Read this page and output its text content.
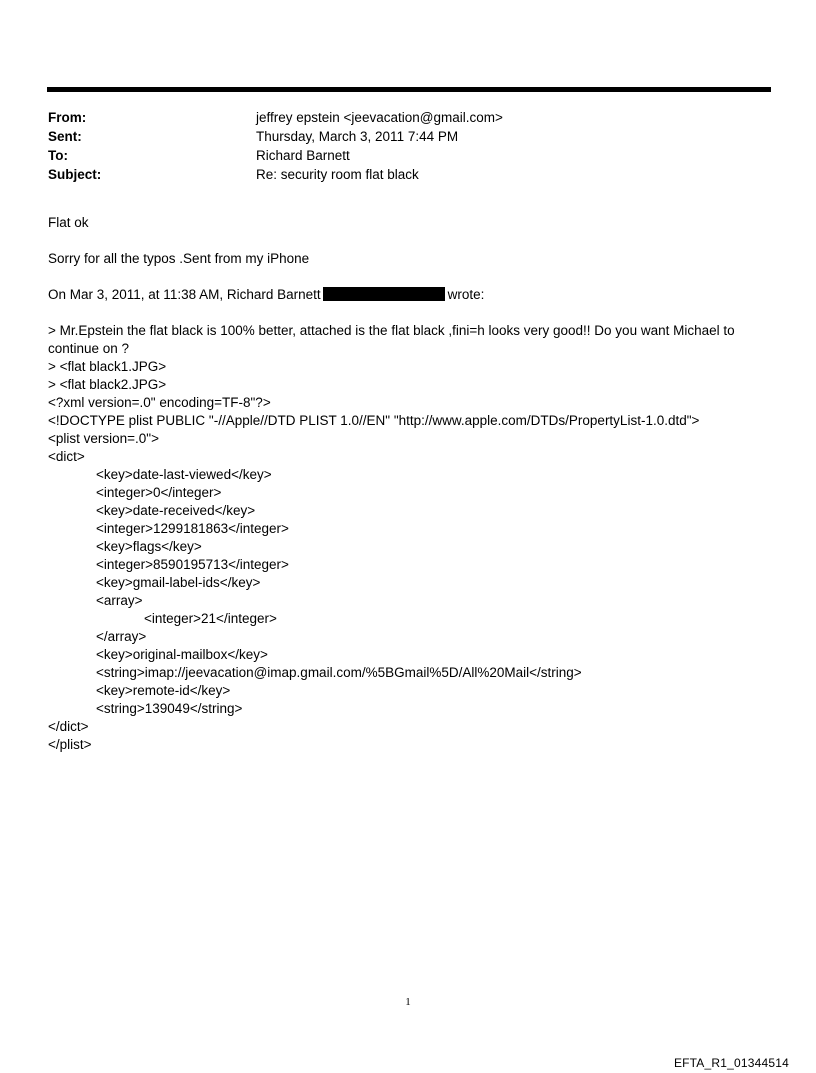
From:	jeffrey epstein <jeevacation@gmail.com>
Sent:	Thursday, March 3, 2011 7:44 PM
To:	Richard Barnett
Subject:	Re: security room flat black
Flat ok
Sorry for all the typos .Sent from my iPhone
On Mar 3, 2011, at 11:38 AM, Richard Barnett	wrote:
> Mr.Epstein the flat black is 100% better, attached is the flat black ,fini=h looks very good!! Do you want Michael to continue on ?
> <flat black1.JPG>
> <flat black2.JPG>
<?xml version=.0" encoding=TF-8"?>
<!DOCTYPE plist PUBLIC "-//Apple//DTD PLIST 1.0//EN" "http://www.apple.com/DTDs/PropertyList-1.0.dtd">
<plist version=.0">
<dict>
<key>date-last-viewed</key>
<integer>0</integer>
<key>date-received</key>
<integer>1299181863</integer>
<key>flags</key>
<integer>8590195713</integer>
<key>gmail-label-ids</key>
<array>
<integer>21</integer>
</array>
<key>original-mailbox</key>
<string>imap://jeevacation@imap.gmail.com/%5BGmail%5D/All%20Mail</string>
<key>remote-id</key>
<string>139049</string>
</dict>
</plist>
1
EFTA_R1_01344514
